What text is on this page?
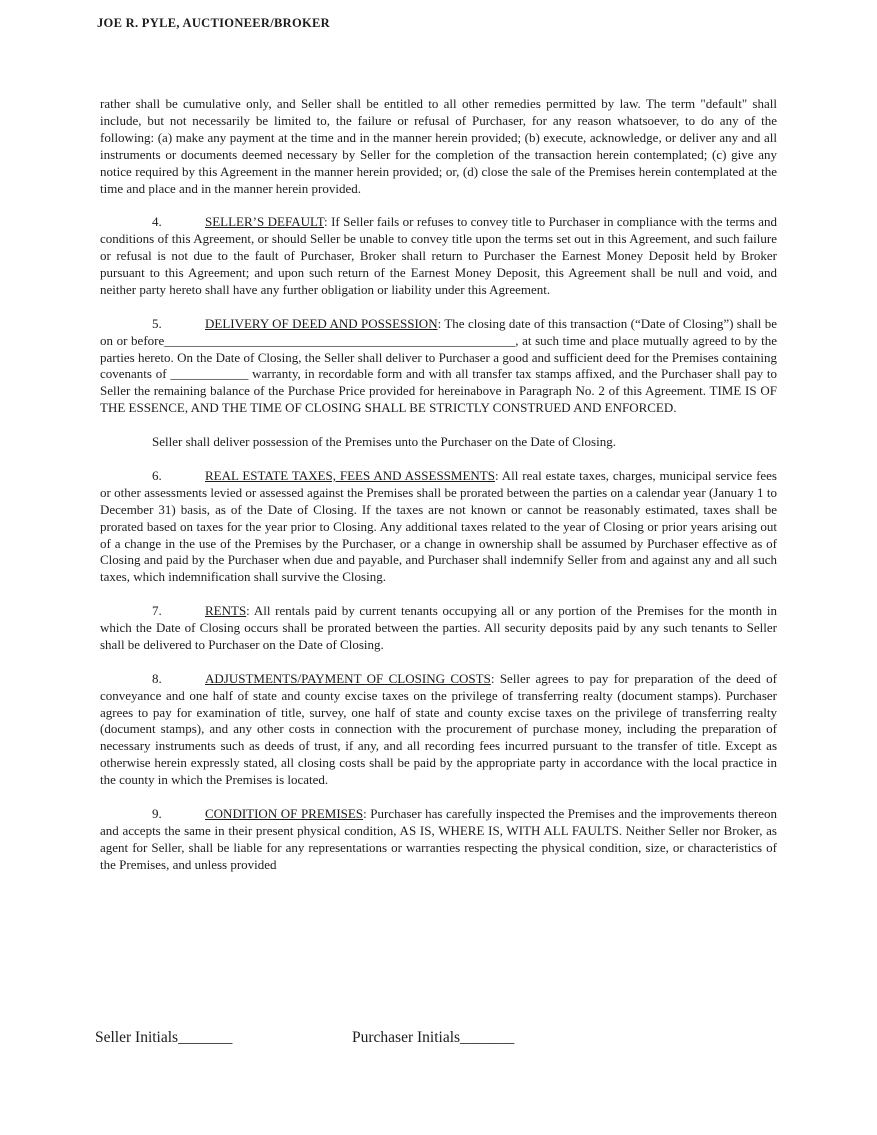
JOE R. PYLE, AUCTIONEER/BROKER

rather shall be cumulative only, and Seller shall be entitled to all other remedies permitted by law. The term "default" shall include, but not necessarily be limited to, the failure or refusal of Purchaser, for any reason whatsoever, to do any of the following: (a) make any payment at the time and in the manner herein provided; (b) execute, acknowledge, or deliver any and all instruments or documents deemed necessary by Seller for the completion of the transaction herein contemplated; (c) give any notice required by this Agreement in the manner herein provided; or, (d) close the sale of the Premises herein contemplated at the time and place and in the manner herein provided.

4.	SELLER’S DEFAULT: If Seller fails or refuses to convey title to Purchaser in compliance with the terms and conditions of this Agreement, or should Seller be unable to convey title upon the terms set out in this Agreement, and such failure or refusal is not due to the fault of Purchaser, Broker shall return to Purchaser the Earnest Money Deposit held by Broker pursuant to this Agreement; and upon such return of the Earnest Money Deposit, this Agreement shall be null and void, and neither party hereto shall have any further obligation or liability under this Agreement.

5.	DELIVERY OF DEED AND POSSESSION: The closing date of this transaction (“Date of Closing”) shall be on or before______________________________________________________, at such time and place mutually agreed to by the parties hereto. On the Date of Closing, the Seller shall deliver to Purchaser a good and sufficient deed for the Premises containing covenants of ____________ warranty, in recordable form and with all transfer tax stamps affixed, and the Purchaser shall pay to Seller the remaining balance of the Purchase Price provided for hereinabove in Paragraph No. 2 of this Agreement. TIME IS OF THE ESSENCE, AND THE TIME OF CLOSING SHALL BE STRICTLY CONSTRUED AND ENFORCED.

Seller shall deliver possession of the Premises unto the Purchaser on the Date of Closing.

6.	REAL ESTATE TAXES, FEES AND ASSESSMENTS: All real estate taxes, charges, municipal service fees or other assessments levied or assessed against the Premises shall be prorated between the parties on a calendar year (January 1 to December 31) basis, as of the Date of Closing. If the taxes are not known or cannot be reasonably estimated, taxes shall be prorated based on taxes for the year prior to Closing. Any additional taxes related to the year of Closing or prior years arising out of a change in the use of the Premises by the Purchaser, or a change in ownership shall be assumed by Purchaser effective as of Closing and paid by the Purchaser when due and payable, and Purchaser shall indemnify Seller from and against any and all such taxes, which indemnification shall survive the Closing.

7.	RENTS: All rentals paid by current tenants occupying all or any portion of the Premises for the month in which the Date of Closing occurs shall be prorated between the parties. All security deposits paid by any such tenants to Seller shall be delivered to Purchaser on the Date of Closing.

8.	ADJUSTMENTS/PAYMENT OF CLOSING COSTS: Seller agrees to pay for preparation of the deed of conveyance and one half of state and county excise taxes on the privilege of transferring realty (document stamps). Purchaser agrees to pay for examination of title, survey, one half of state and county excise taxes on the privilege of transferring realty (document stamps), and any other costs in connection with the procurement of purchase money, including the preparation of necessary instruments such as deeds of trust, if any, and all recording fees incurred pursuant to the transfer of title. Except as otherwise herein expressly stated, all closing costs shall be paid by the appropriate party in accordance with the local practice in the county in which the Premises is located.

9.	CONDITION OF PREMISES: Purchaser has carefully inspected the Premises and the improvements thereon and accepts the same in their present physical condition, AS IS, WHERE IS, WITH ALL FAULTS. Neither Seller nor Broker, as agent for Seller, shall be liable for any representations or warranties respecting the physical condition, size, or characteristics of the Premises, and unless provided

Seller Initials_______	Purchaser Initials_______
